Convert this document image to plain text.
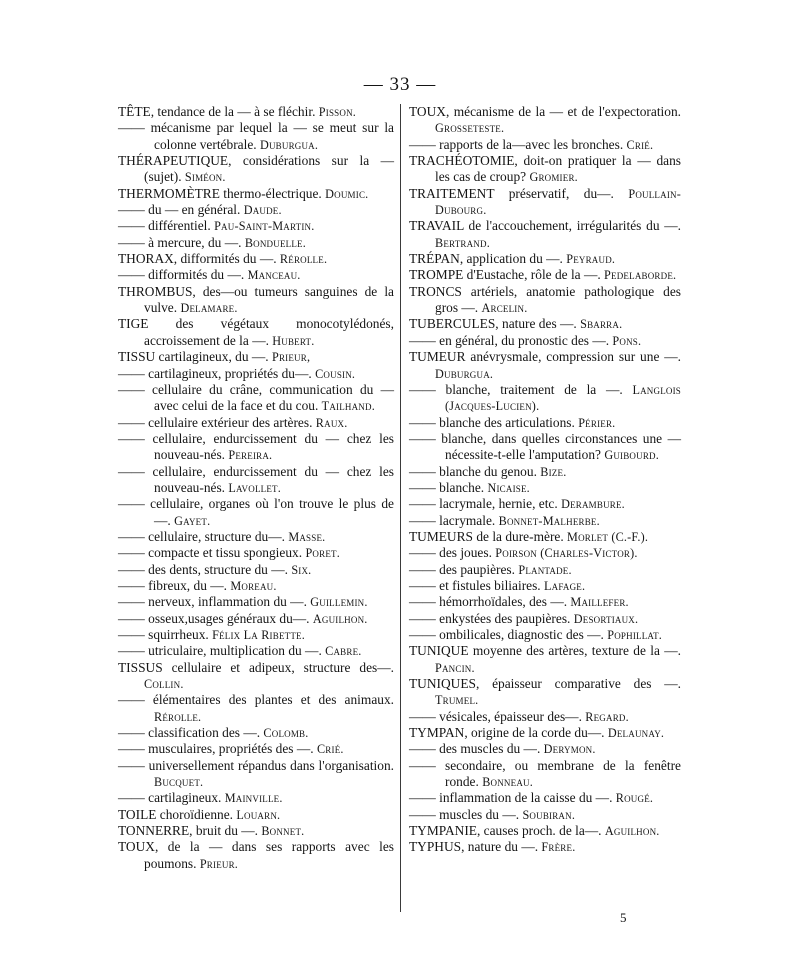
— 33 —

TÊTE, tendance de la — à se fléchir. Pisson.

—— mécanisme par lequel la — se meut sur la colonne vertébrale. Duburgua.

THÉRAPEUTIQUE, considérations sur la — (sujet). Siméon.

THERMOMÈTRE thermo-électrique. Doumic.

—— du — en général. Daude.

—— différentiel. Pau-Saint-Martin.

—— à mercure, du —. Bonduelle.

THORAX, difformités du —. Rérolle.

—— difformités du —. Manceau.

THROMBUS, des—ou tumeurs sanguines de la vulve. Delamare.

TIGE des végétaux monocotylédonés, accroissement de la —. Hubert.

TISSU cartilagineux, du —. Prieur,

—— cartilagineux, propriétés du—. Cousin.

—— cellulaire du crâne, communication du — avec celui de la face et du cou. Tailhand.

—— cellulaire extérieur des artères. Raux.

—— cellulaire, endurcissement du — chez les nouveau-nés. Pereira.

—— cellulaire, endurcissement du — chez les nouveau-nés. Lavollet.

—— cellulaire, organes où l'on trouve le plus de —. Gayet.

—— cellulaire, structure du—. Masse.

—— compacte et tissu spongieux. Poret.

—— des dents, structure du —. Six.

—— fibreux, du —. Moreau.

—— nerveux, inflammation du —. Guillemin.

—— osseux,usages généraux du—. Aguilhon.

—— squirrheux. Félix La Ribette.

—— utriculaire, multiplication du —. Cabre.

TISSUS cellulaire et adipeux, structure des—. Collin.

—— élémentaires des plantes et des animaux. Rérolle.

—— classification des —. Colomb.

—— musculaires, propriétés des —. Crié.

—— universellement répandus dans l'organisation. Bucquet.

—— cartilagineux. Mainville.

TOILE choroïdienne. Louarn.

TONNERRE, bruit du —. Bonnet.

TOUX, de la — dans ses rapports avec les poumons. Prieur.

TOUX, mécanisme de la — et de l'expectoration. Grosseteste.

—— rapports de la—avec les bronches. Crié.

TRACHÉOTOMIE, doit-on pratiquer la — dans les cas de croup? Gromier.

TRAITEMENT préservatif, du—. Poullain-Dubourg.

TRAVAIL de l'accouchement, irrégularités du —. Bertrand.

TRÉPAN, application du —. Peyraud.

TROMPE d'Eustache, rôle de la —. Pedelaborde.

TRONCS artériels, anatomie pathologique des gros —. Arcelin.

TUBERCULES, nature des —. Sbarra.

—— en général, du pronostic des —. Pons.

TUMEUR anévrysmale, compression sur une —. Duburgua.

—— blanche, traitement de la —. Langlois (Jacques-Lucien).

—— blanche des articulations. Périer.

—— blanche, dans quelles circonstances une — nécessite-t-elle l'amputation? Guibourd.

—— blanche du genou. Bize.

—— blanche. Nicaise.

—— lacrymale, hernie, etc. Derambure.

—— lacrymale. Bonnet-Malherbe.

TUMEURS de la dure-mère. Morlet (C.-F.).

—— des joues. Poirson (Charles-Victor).

—— des paupières. Plantade.

—— et fistules biliaires. Lafage.

—— hémorrhoïdales, des —. Maillefer.

—— enkystées des paupières. Desortiaux.

—— ombilicales, diagnostic des —. Pophillat.

TUNIQUE moyenne des artères, texture de la —. Pancin.

TUNIQUES, épaisseur comparative des —. Trumel.

—— vésicales, épaisseur des—. Regard.

TYMPAN, origine de la corde du—. Delaunay.

—— des muscles du —. Derymon.

—— secondaire, ou membrane de la fenêtre ronde. Bonneau.

—— inflammation de la caisse du —. Rougé.

—— muscles du —. Soubiran.

TYMPANIE, causes proch. de la—. Aguilhon.

TYPHUS, nature du —. Frère.

5
